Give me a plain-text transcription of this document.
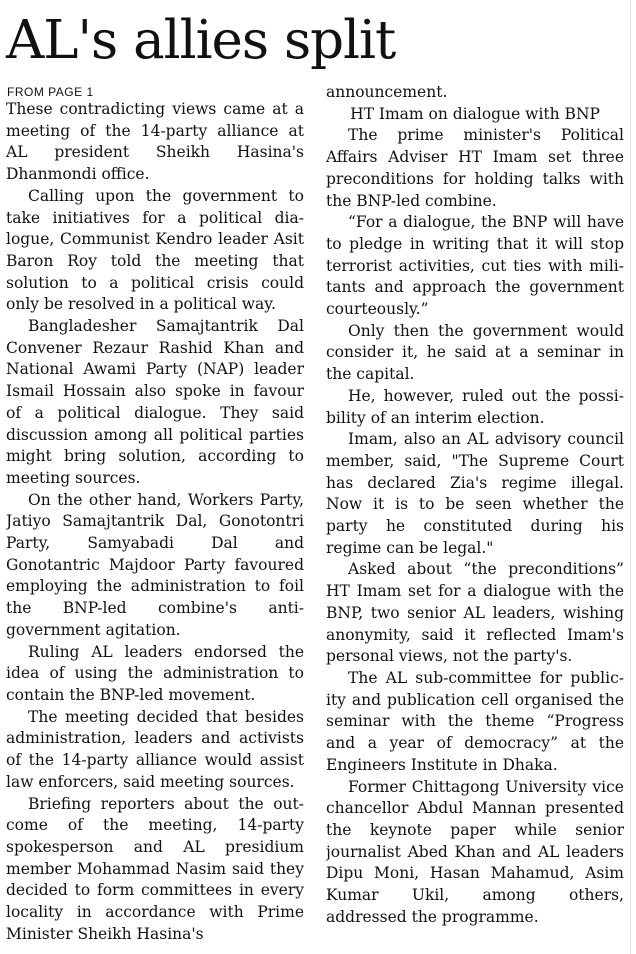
AL's allies split
FROM PAGE 1

These contradicting views came at a meeting of the 14-party alliance at AL president Sheikh Hasina's Dhanmondi office.

Calling upon the government to take initiatives for a political dialogue, Communist Kendro leader Asit Baron Roy told the meeting that solution to a political crisis could only be resolved in a political way.

Bangladesher Samajtantrik Dal Convener Rezaur Rashid Khan and National Awami Party (NAP) leader Ismail Hossain also spoke in favour of a political dialogue. They said discussion among all political parties might bring solution, according to meeting sources.

On the other hand, Workers Party, Jatiyo Samajtantrik Dal, Gonotontri Party, Samyabadi Dal and Gonotantric Majdoor Party favoured employing the administration to foil the BNP-led combine's anti-government agitation.

Ruling AL leaders endorsed the idea of using the administration to contain the BNP-led movement.

The meeting decided that besides administration, leaders and activists of the 14-party alliance would assist law enforcers, said meeting sources.

Briefing reporters about the outcome of the meeting, 14-party spokesperson and AL presidium member Mohammad Nasim said they decided to form committees in every locality in accordance with Prime Minister Sheikh Hasina's

announcement.

HT Imam on dialogue with BNP

The prime minister's Political Affairs Adviser HT Imam set three preconditions for holding talks with the BNP-led combine.

“For a dialogue, the BNP will have to pledge in writing that it will stop terrorist activities, cut ties with militants and approach the government courteously.”

Only then the government would consider it, he said at a seminar in the capital.

He, however, ruled out the possibility of an interim election.

Imam, also an AL advisory council member, said, "The Supreme Court has declared Zia's regime illegal. Now it is to be seen whether the party he constituted during his regime can be legal."

Asked about “the preconditions” HT Imam set for a dialogue with the BNP, two senior AL leaders, wishing anonymity, said it reflected Imam's personal views, not the party's.

The AL sub-committee for publicity and publication cell organised the seminar with the theme “Progress and a year of democracy” at the Engineers Institute in Dhaka.

Former Chittagong University vice chancellor Abdul Mannan presented the keynote paper while senior journalist Abed Khan and AL leaders Dipu Moni, Hasan Mahamud, Asim Kumar Ukil, among others, addressed the programme.
